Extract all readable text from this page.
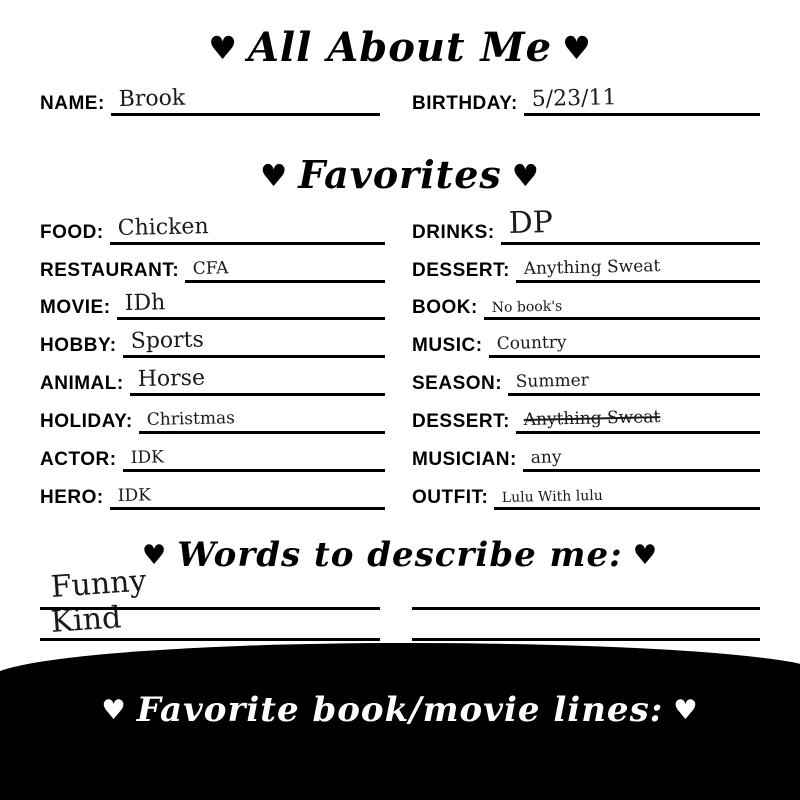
♥ All About Me ♥
NAME: Brook	BIRTHDAY: 5/23/11
♥ Favorites ♥
FOOD: Chicken
RESTAURANT: CFA
MOVIE: IDh
HOBBY: Sports
ANIMAL: Horse
HOLIDAY: Christmas
ACTOR: IDK
HERO: IDK
DRINKS: DP
DESSERT: Anything Sweat
BOOK: No book's
MUSIC: Country
SEASON: Summer
DESSERT: Anything Sweat
MUSICIAN: any
OUTFIT: Lulu With lulu
♥ Words to describe me: ♥
Funny
Kind
♥ Favorite book/movie lines: ♥
